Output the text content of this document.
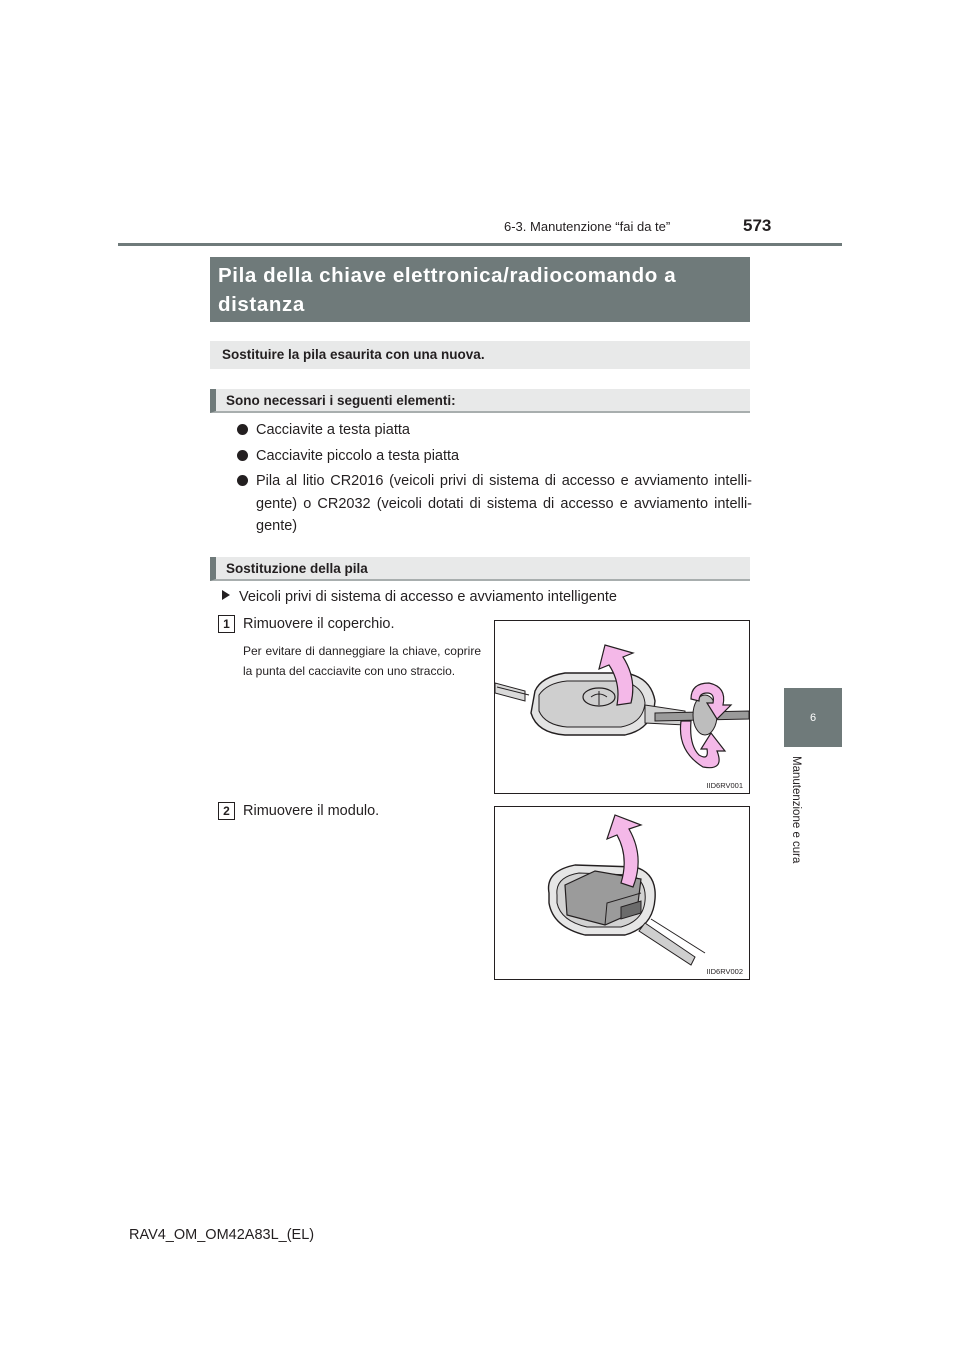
6-3. Manutenzione “fai da te”	573
6
Manutenzione e cura
Pila della chiave elettronica/radiocomando a distanza
Sostituire la pila esaurita con una nuova.
Sono necessari i seguenti elementi:
Cacciavite a testa piatta
Cacciavite piccolo a testa piatta
Pila al litio CR2016 (veicoli privi di sistema di accesso e avviamento intelli- gente) o CR2032 (veicoli dotati di sistema di accesso e avviamento intelli- gente)
Sostituzione della pila
Veicoli privi di sistema di accesso e avviamento intelligente
1 Rimuovere il coperchio.
Per evitare di danneggiare la chiave, coprire la punta del cacciavite con uno straccio.
IID6RV001
2 Rimuovere il modulo.
IID6RV002
RAV4_OM_OM42A83L_(EL)
